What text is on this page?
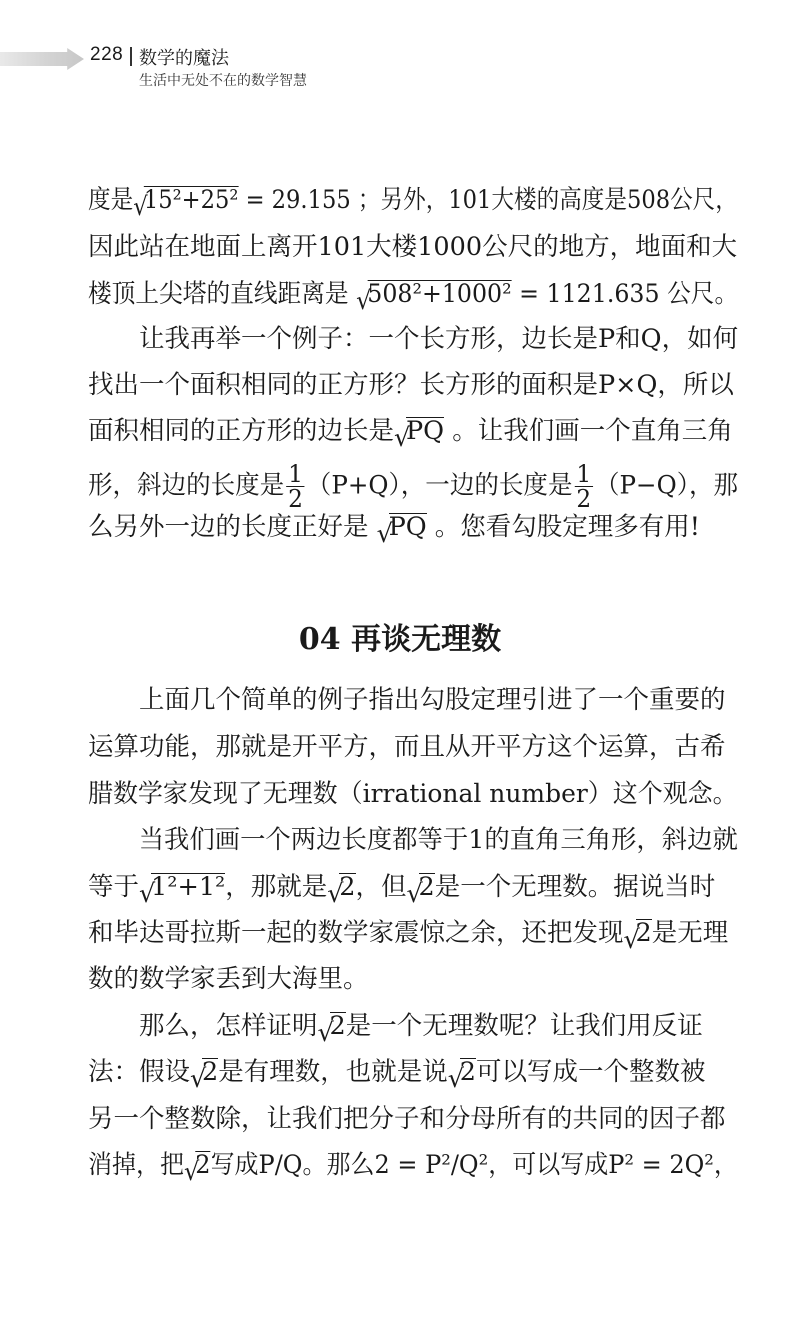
228 数学的魔法
生活中无处不在的数学智慧
04 再谈无理数
度是 √ 15²+25² = 29.155 ；另外，101大楼的高度是508公尺，
因此站在地面上离开101大楼1000公尺的地方，地面和大
楼顶上尖塔的直线距离是 √ 508²+1000² = 1121.635 公尺。
　　让我再举一个例子：一个长方形，边长是P和Q，如何
找出一个面积相同的正方形？长方形的面积是P×Q，所以
面积相同的正方形的边长是 √ PQ 。让我们画一个直角三角
形，斜边的长度是 $\frac{1}{2} (P+Q)$，一边的长度是 $\frac{1}{2} (P-Q)$，那
么另外一边的长度正好是 √ PQ 。您看勾股定理多有用!
　　上面几个简单的例子指出勾股定理引进了一个重要的
运算功能，那就是开平方，而且从开平方这个运算，古希
腊数学家发现了无理数（irrational number）这个观念。
　　当我们画一个两边长度都等于1的直角三角形，斜边就
等于 √ 1²+1²，那就是 √ 2，但 √ 2是一个无理数。据说当时
和毕达哥拉斯一起的数学家震惊之余，还把发现 √ 2是无理
数的数学家丢到大海里。
　　那么，怎样证明 √ 2是一个无理数呢？让我们用反证
法：假设 √ 2是有理数，也就是说 √ 2可以写成一个整数被
另一个整数除，让我们把分子和分母所有的共同的因子都
消掉，把 √ 2写成P/Q。那么2 = P²/Q²，可以写成P² = 2Q²，
